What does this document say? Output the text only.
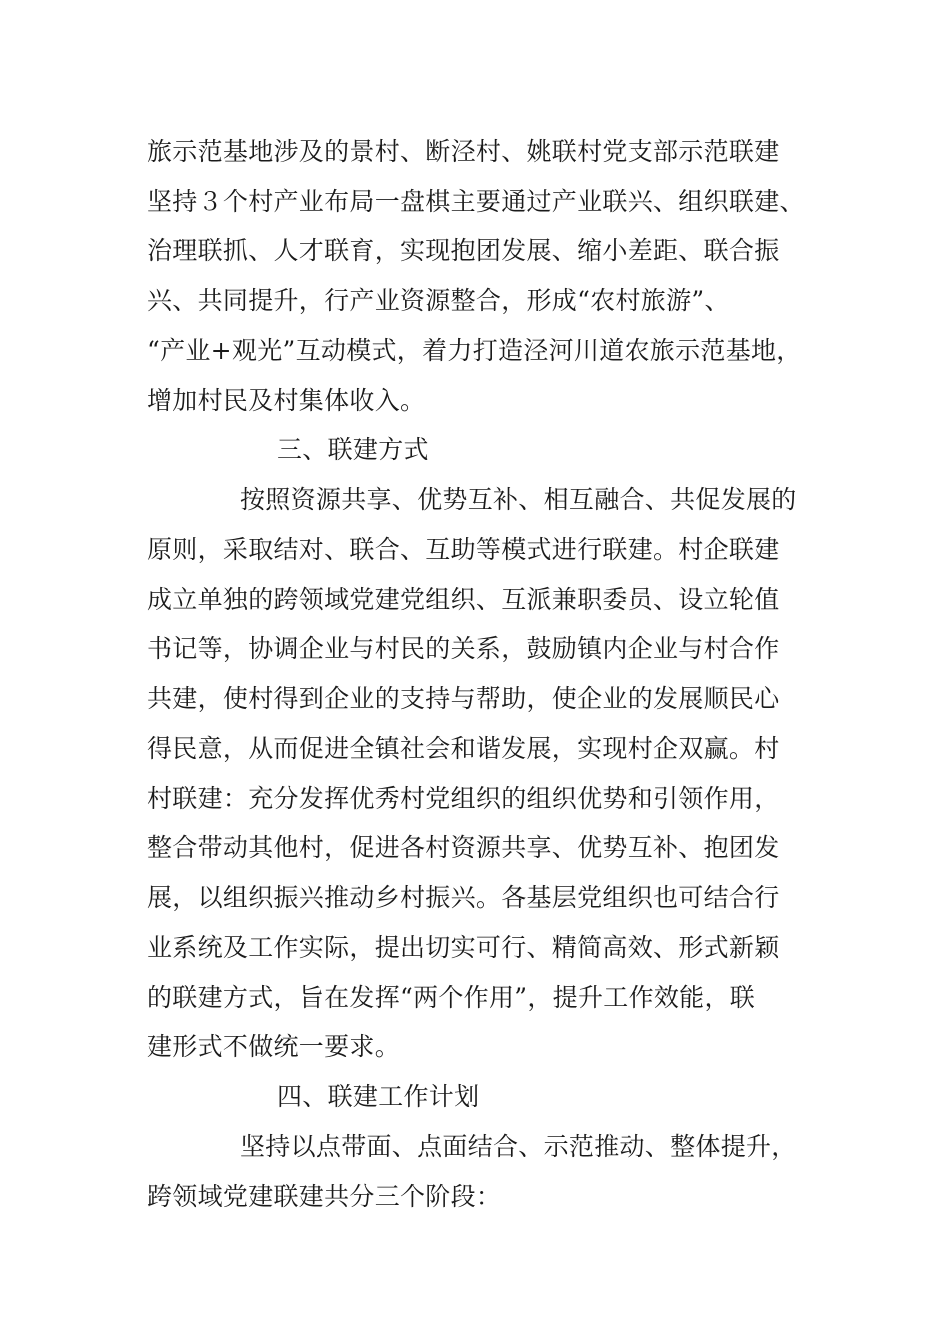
旅示范基地涉及的景村、断泾村、姚联村党支部示范联建
坚持３个村产业布局一盘棋主要通过产业联兴、组织联建、
治理联抓、人才联育，实现抱团发展、缩小差距、联合振
兴、共同提升，行产业资源整合，形成“农村旅游”、
“产业+观光”互动模式，着力打造泾河川道农旅示范基地，
增加村民及村集体收入。
三、联建方式
按照资源共享、优势互补、相互融合、共促发展的
原则，采取结对、联合、互助等模式进行联建。村企联建
成立单独的跨领域党建党组织、互派兼职委员、设立轮值
书记等，协调企业与村民的关系，鼓励镇内企业与村合作
共建，使村得到企业的支持与帮助，使企业的发展顺民心
得民意，从而促进全镇社会和谐发展，实现村企双赢。村
村联建：充分发挥优秀村党组织的组织优势和引领作用，
整合带动其他村，促进各村资源共享、优势互补、抱团发
展，以组织振兴推动乡村振兴。各基层党组织也可结合行
业系统及工作实际，提出切实可行、精简高效、形式新颖
的联建方式，旨在发挥“两个作用”，提升工作效能，联
建形式不做统一要求。
四、联建工作计划
坚持以点带面、点面结合、示范推动、整体提升，
跨领域党建联建共分三个阶段：
